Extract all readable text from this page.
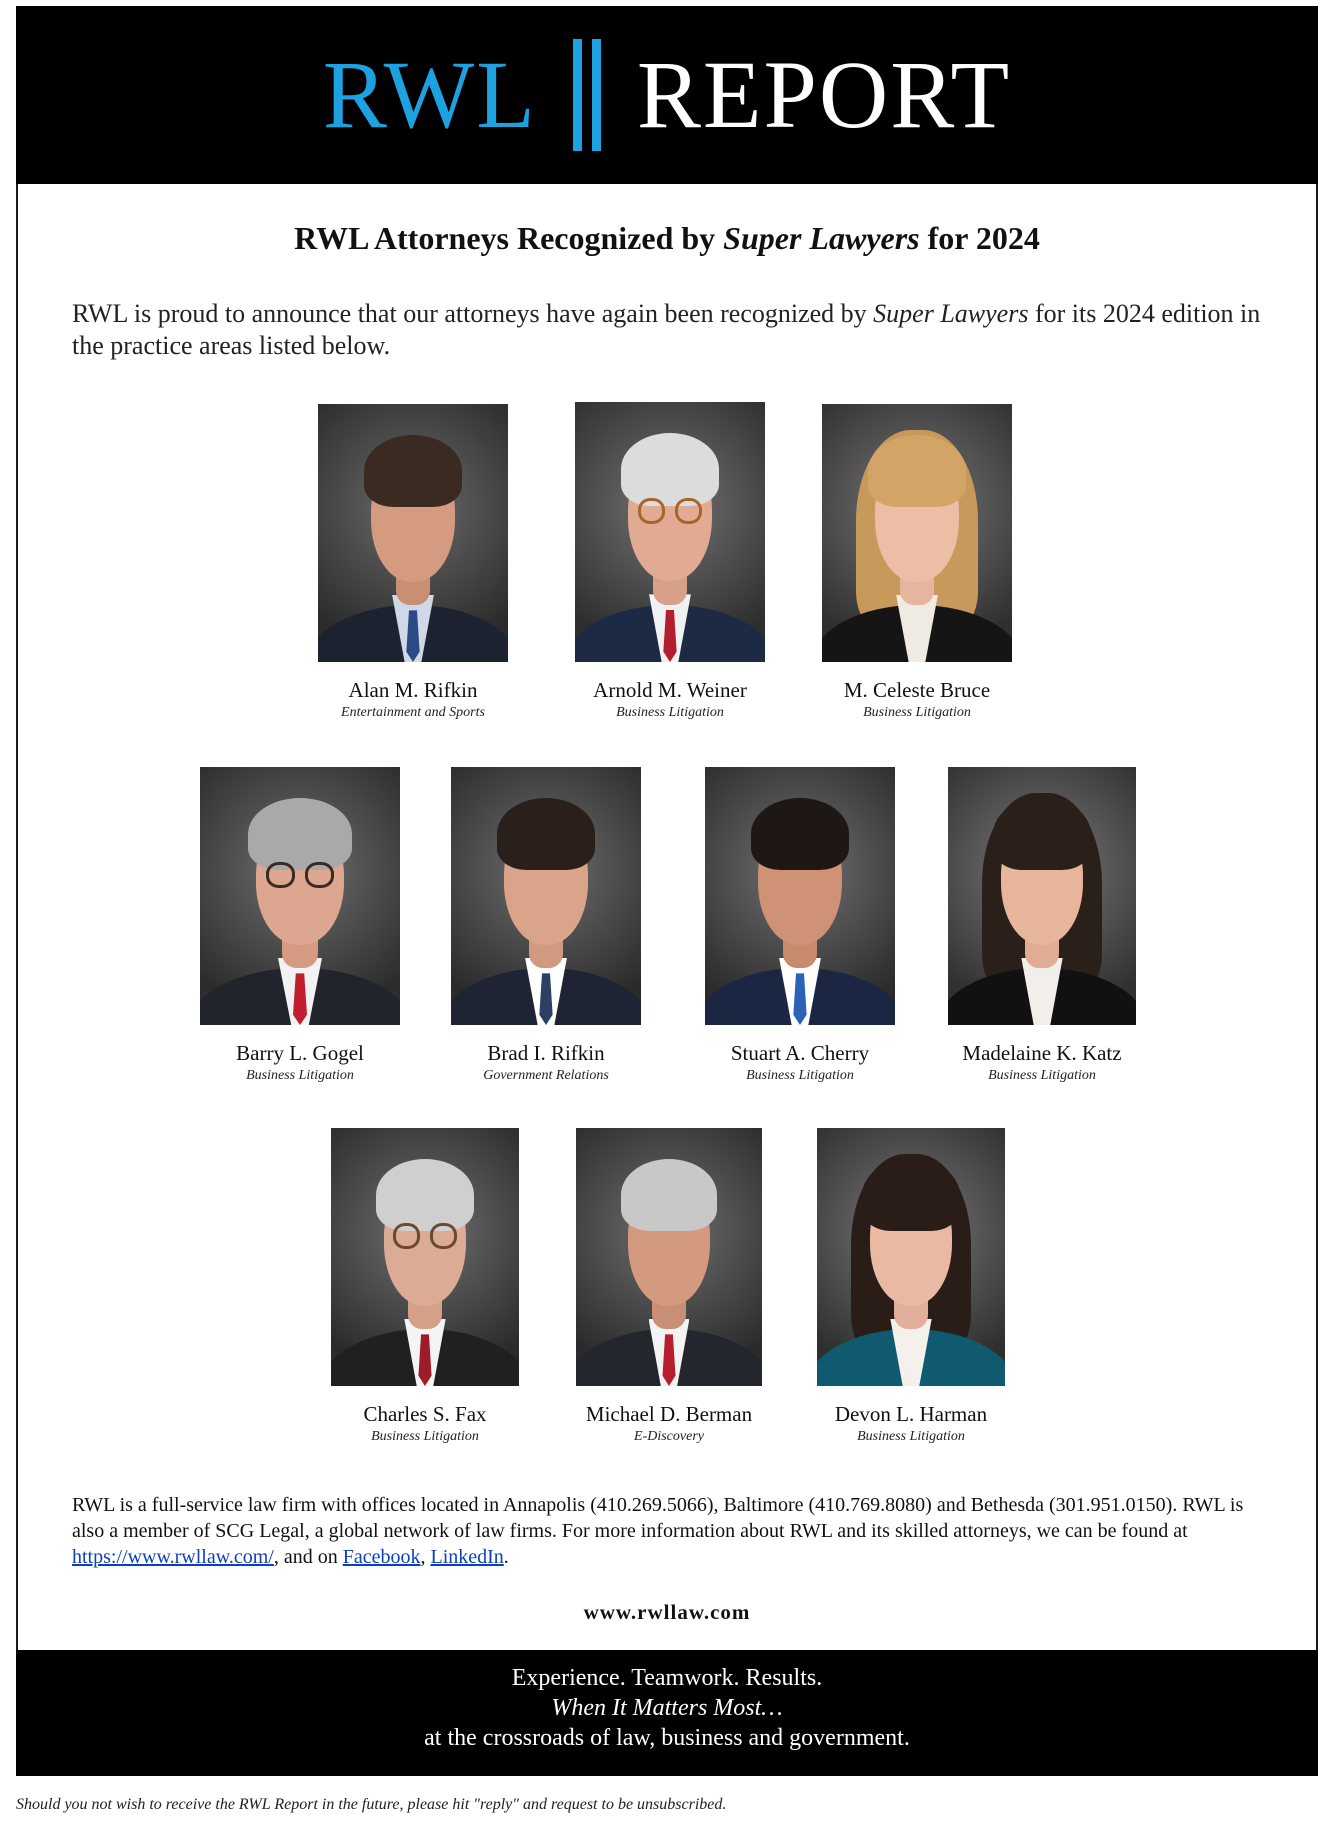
RWL REPORT
RWL Attorneys Recognized by Super Lawyers for 2024

RWL is proud to announce that our attorneys have again been recognized by Super Lawyers for its 2024 edition in the practice areas listed below.

Alan M. Rifkin
Entertainment and Sports
Arnold M. Weiner
Business Litigation
M. Celeste Bruce
Business Litigation
Barry L. Gogel
Business Litigation
Brad I. Rifkin
Government Relations
Stuart A. Cherry
Business Litigation
Madelaine K. Katz
Business Litigation
Charles S. Fax
Business Litigation
Michael D. Berman
E-Discovery
Devon L. Harman
Business Litigation

RWL is a full-service law firm with offices located in Annapolis (410.269.5066), Baltimore (410.769.8080) and Bethesda (301.951.0150). RWL is also a member of SCG Legal, a global network of law firms. For more information about RWL and its skilled attorneys, we can be found at https://www.rwllaw.com/, and on Facebook, LinkedIn.

www.rwllaw.com
Experience. Teamwork. Results.
When It Matters Most…
at the crossroads of law, business and government.
Should you not wish to receive the RWL Report in the future, please hit "reply" and request to be unsubscribed.
